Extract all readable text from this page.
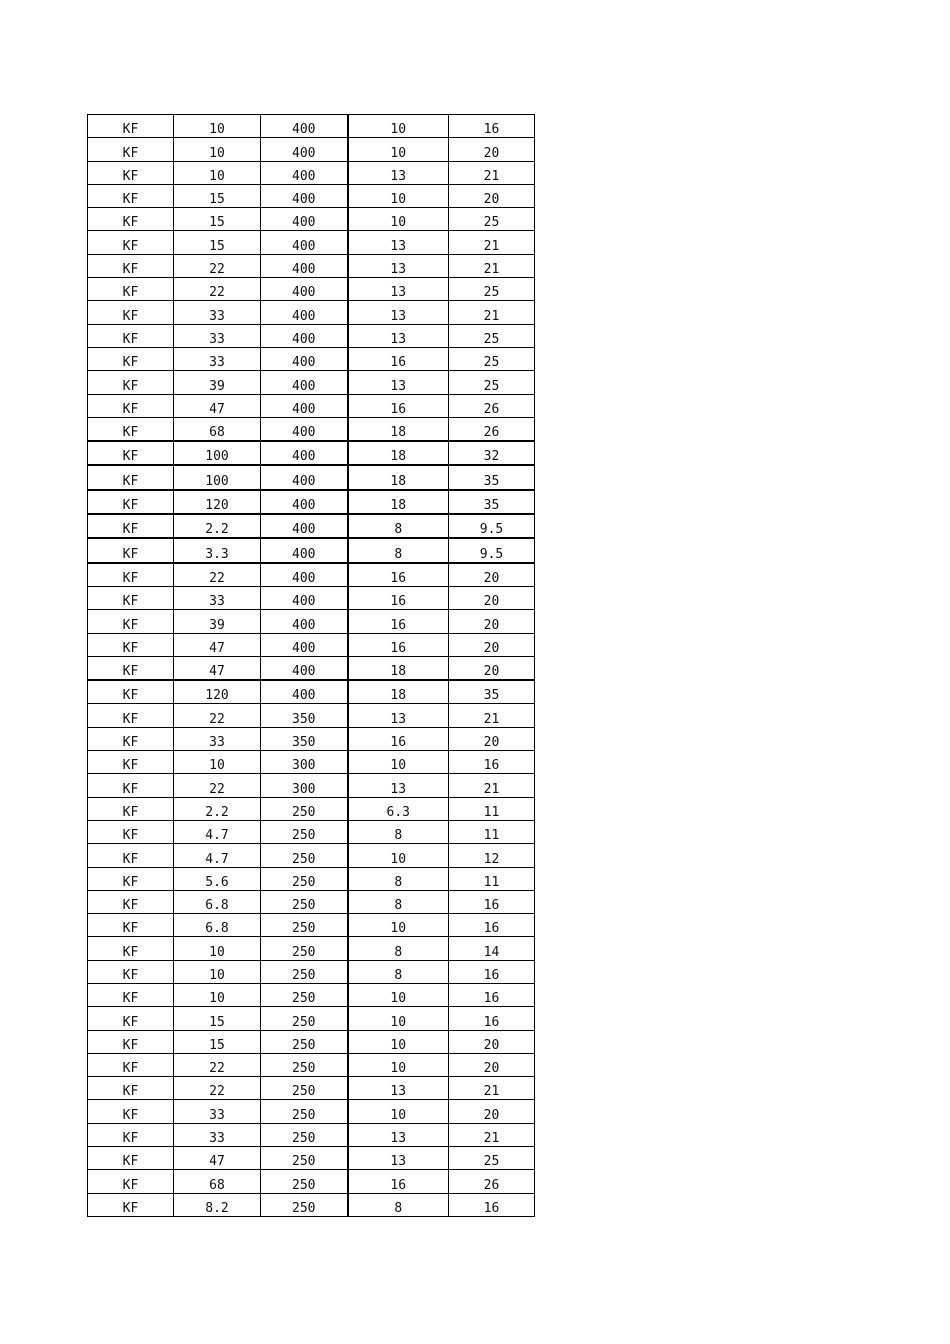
KF	10	400	10	16
KF	10	400	10	20
KF	10	400	13	21
KF	15	400	10	20
KF	15	400	10	25
KF	15	400	13	21
KF	22	400	13	21
KF	22	400	13	25
KF	33	400	13	21
KF	33	400	13	25
KF	33	400	16	25
KF	39	400	13	25
KF	47	400	16	26
KF	68	400	18	26
KF	100	400	18	32
KF	100	400	18	35
KF	120	400	18	35
KF	2.2	400	8	9.5
KF	3.3	400	8	9.5
KF	22	400	16	20
KF	33	400	16	20
KF	39	400	16	20
KF	47	400	16	20
KF	47	400	18	20
KF	120	400	18	35
KF	22	350	13	21
KF	33	350	16	20
KF	10	300	10	16
KF	22	300	13	21
KF	2.2	250	6.3	11
KF	4.7	250	8	11
KF	4.7	250	10	12
KF	5.6	250	8	11
KF	6.8	250	8	16
KF	6.8	250	10	16
KF	10	250	8	14
KF	10	250	8	16
KF	10	250	10	16
KF	15	250	10	16
KF	15	250	10	20
KF	22	250	10	20
KF	22	250	13	21
KF	33	250	10	20
KF	33	250	13	21
KF	47	250	13	25
KF	68	250	16	26
KF	8.2	250	8	16
